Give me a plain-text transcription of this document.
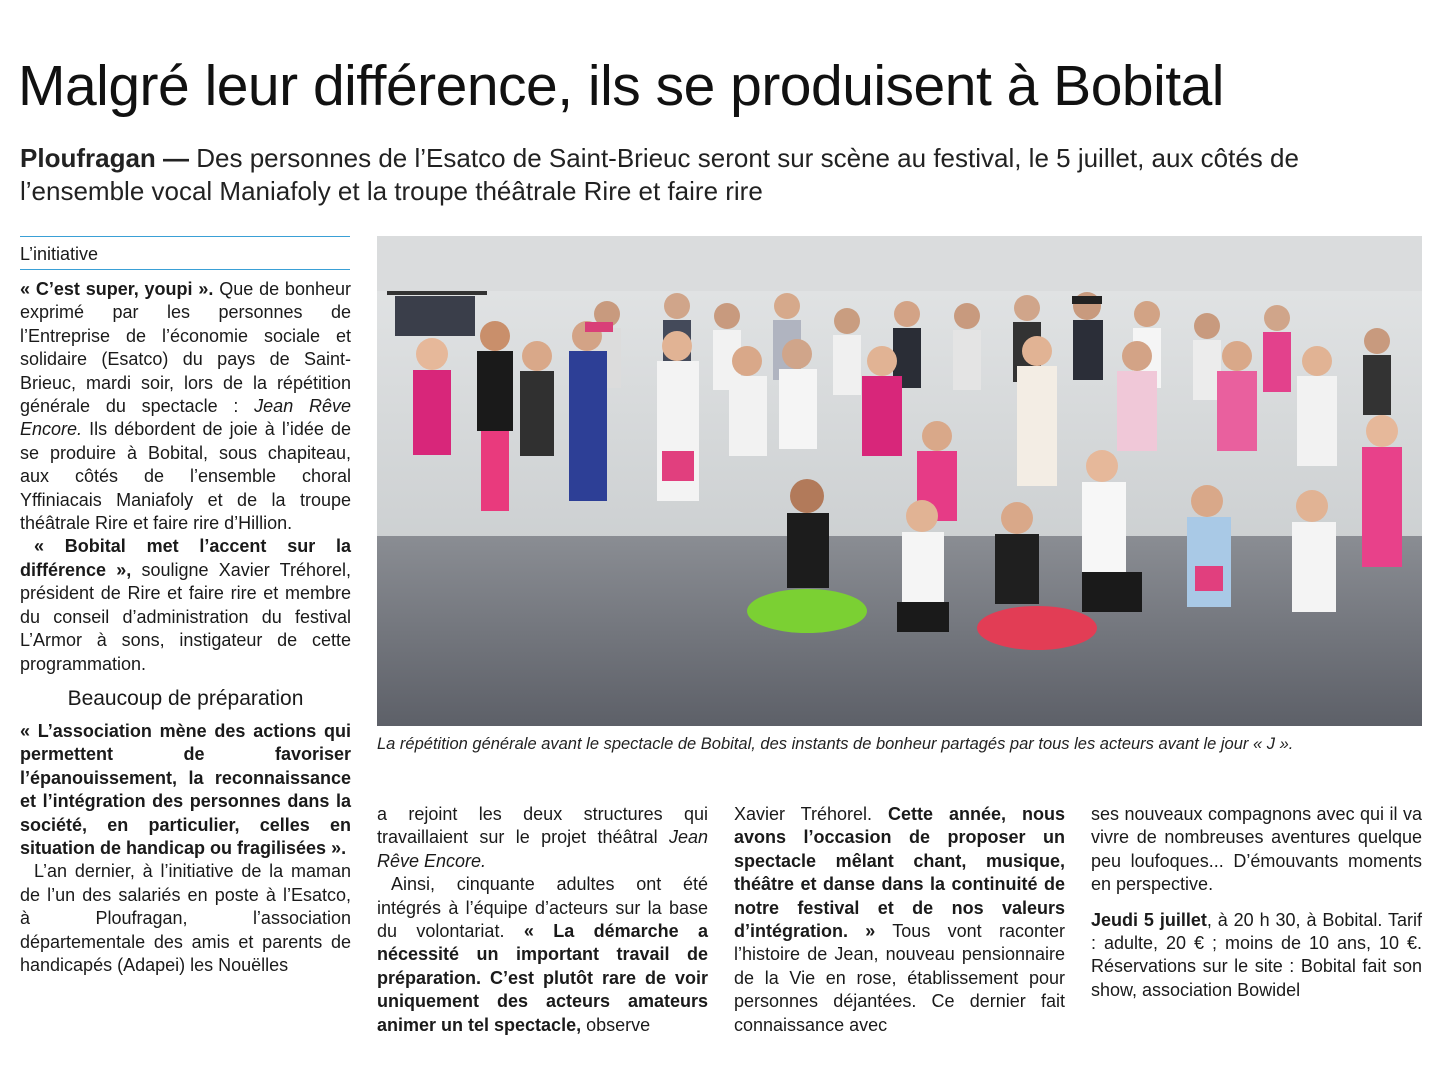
Malgré leur différence, ils se produisent à Bobital

Ploufragan — Des personnes de l’Esatco de Saint-Brieuc seront sur scène au festival, le 5 juillet, aux côtés de l’ensemble vocal Maniafoly et la troupe théâtrale Rire et faire rire

L’initiative

« C’est super, youpi ». Que de bonheur exprimé par les personnes de l’Entreprise de l’économie sociale et solidaire (Esatco) du pays de Saint-Brieuc, mardi soir, lors de la répétition générale du spectacle : Jean Rêve Encore. Ils débordent de joie à l’idée de se produire à Bobital, sous chapiteau, aux côtés de l’ensemble choral Yffiniacais Maniafoly et de la troupe théâtrale Rire et faire rire d’Hillion.

« Bobital met l’accent sur la différence », souligne Xavier Tréhorel, président de Rire et faire rire et membre du conseil d’administration du festival L’Armor à sons, instigateur de cette programmation.

Beaucoup de préparation

« L’association mène des actions qui permettent de favoriser l’épanouissement, la reconnaissance et l’intégration des personnes dans la société, en particulier, celles en situation de handicap ou fragilisées ».

L’an dernier, à l’initiative de la maman de l’un des salariés en poste à l’Esatco, à Ploufragan, l’association départementale des amis et parents de handicapés (Adapei) les Nouëlles

La répétition générale avant le spectacle de Bobital, des instants de bonheur partagés par tous les acteurs avant le jour « J ».

a rejoint les deux structures qui travaillaient sur le projet théâtral Jean Rêve Encore.

Ainsi, cinquante adultes ont été intégrés à l’équipe d’acteurs sur la base du volontariat. « La démarche a nécessité un important travail de préparation. C’est plutôt rare de voir uniquement des acteurs amateurs animer un tel spectacle, observe

Xavier Tréhorel. Cette année, nous avons l’occasion de proposer un spectacle mêlant chant, musique, théâtre et danse dans la continuité de notre festival et de nos valeurs d’intégration. » Tous vont raconter l’histoire de Jean, nouveau pensionnaire de la Vie en rose, établissement pour personnes déjantées. Ce dernier fait connaissance avec

ses nouveaux compagnons avec qui il va vivre de nombreuses aventures quelque peu loufoques... D’émouvants moments en perspective.

Jeudi 5 juillet, à 20 h 30, à Bobital. Tarif : adulte, 20 € ; moins de 10 ans, 10 €. Réservations sur le site : Bobital fait son show, association Bowidel
